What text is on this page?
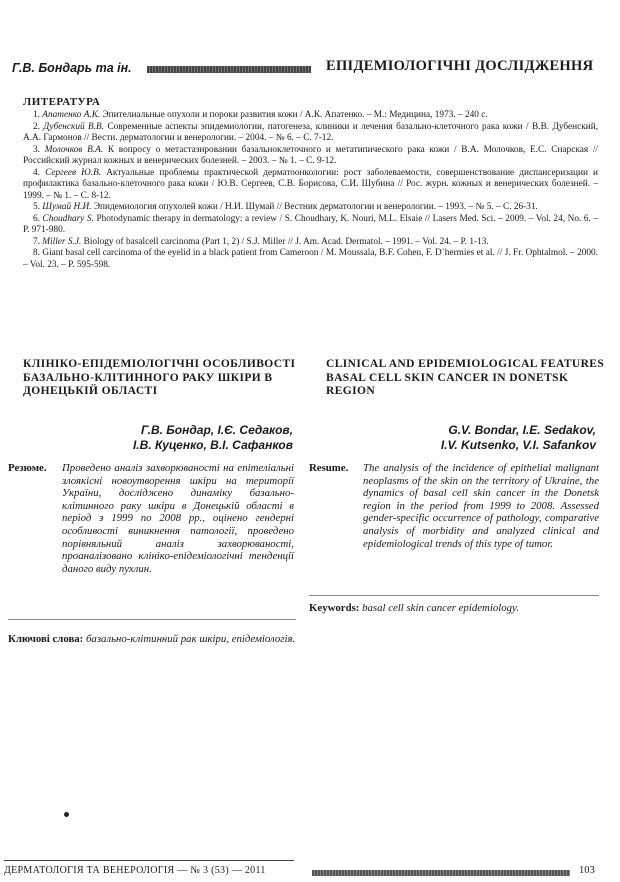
Г.В. Бондарь та ін.	ЕПІДЕМІОЛОГІЧНІ ДОСЛІДЖЕННЯ
ЛИТЕРАТУРА

1. Апатенко А.К. Эпителиальные опухоли и пороки развития кожи / А.К. Апатенко. – М.: Медицина, 1973. – 240 с.

2. Дубенский В.В. Современные аспекты эпидемиологии, патогенеза, клиники и лечения базально-клеточного рака кожи / В.В. Дубенский, А.А. Гармонов // Вестн. дерматологии и венерологии. – 2004. – № 6. – С. 7-12.

3. Молочков В.А. К вопросу о метастазировании базальноклеточного и метатипического рака кожи / В.А. Молочков, Е.С. Снарская // Российский журнал кожных и венерических болезней. – 2003. – № 1. – С. 9-12.

4. Сергеев Ю.В. Актуальные проблемы практической дерматоонкологии: рост заболеваемости, совершенствование диспансеризации и профилактика базально-клеточного рака кожи / Ю.В. Сергеев, С.В. Борисова, С.И. Шубина // Рос. журн. кожных и венерических болезней. – 1999. – № 1. – С. 8-12.

5. Шумай Н.И. Эпидемиология опухолей кожи / Н.И. Шумай // Вестник дерматологии и венерологии. – 1993. – № 5. – С. 26-31.

6. Choudhary S. Photodynamic therapy in dermatology: a review / S. Choudhary, K. Nouri, M.L. Elsaie // Lasers Med. Sci. – 2009. – Vol. 24, No. 6. – P. 971-980.

7. Miller S.J. Biology of basalcell carcinoma (Part 1, 2) / S.J. Miller // J. Am. Acad. Dermatol. – 1991. – Vol. 24. – P. 1-13.

8. Giant basal cell carcinoma of the eyelid in a black patient from Cameroon / M. Moussala, B.F. Cohen, F. D`hermies et al. // J. Fr. Ophtalmol. – 2000. – Vol. 23. – P. 595-598.

КЛІНІКО-ЕПІДЕМІОЛОГІЧНІ ОСОБЛИВОСТІ БАЗАЛЬНО-КЛІТИННОГО РАКУ ШКІРИ В ДОНЕЦЬКІЙ ОБЛАСТІ
CLINICAL AND EPIDEMIOLOGICAL FEATURES BASAL CELL SKIN CANCER IN DONETSK REGION
Г.В. Бондар, І.Є. Седаков,
І.В. Куценко, В.І. Сафанков
G.V. Bondar, I.E. Sedakov,
I.V. Kutsenko, V.I. Safankov
Резюме. Проведено аналіз захворюваності на епітеліальні злоякісні новоутворення шкіри на території України, досліджено динаміку базально-клітинного раку шкіри в Донецькій області в період з 1999 по 2008 рр., оцінено гендерні особливості виникнення патології, проведено порівняльний аналіз захворюваності, проаналізовано клініко-епідеміологічні тенденції даного виду пухлин.
Resume. The analysis of the incidence of epithelial malignant neoplasms of the skin on the territory of Ukraine, the dynamics of basal cell skin cancer in the Donetsk region in the period from 1999 to 2008. Assessed gender-specific occurrence of pathology, comparative analysis of morbidity and analyzed clinical and epidemiological trends of this type of tumor.
Ключові слова: базально-клітинний рак шкіри, епідеміологія.
Keywords: basal cell skin cancer epidemiology.
ДЕРМАТОЛОГІЯ ТА ВЕНЕРОЛОГІЯ — № 3 (53) — 2011	103
